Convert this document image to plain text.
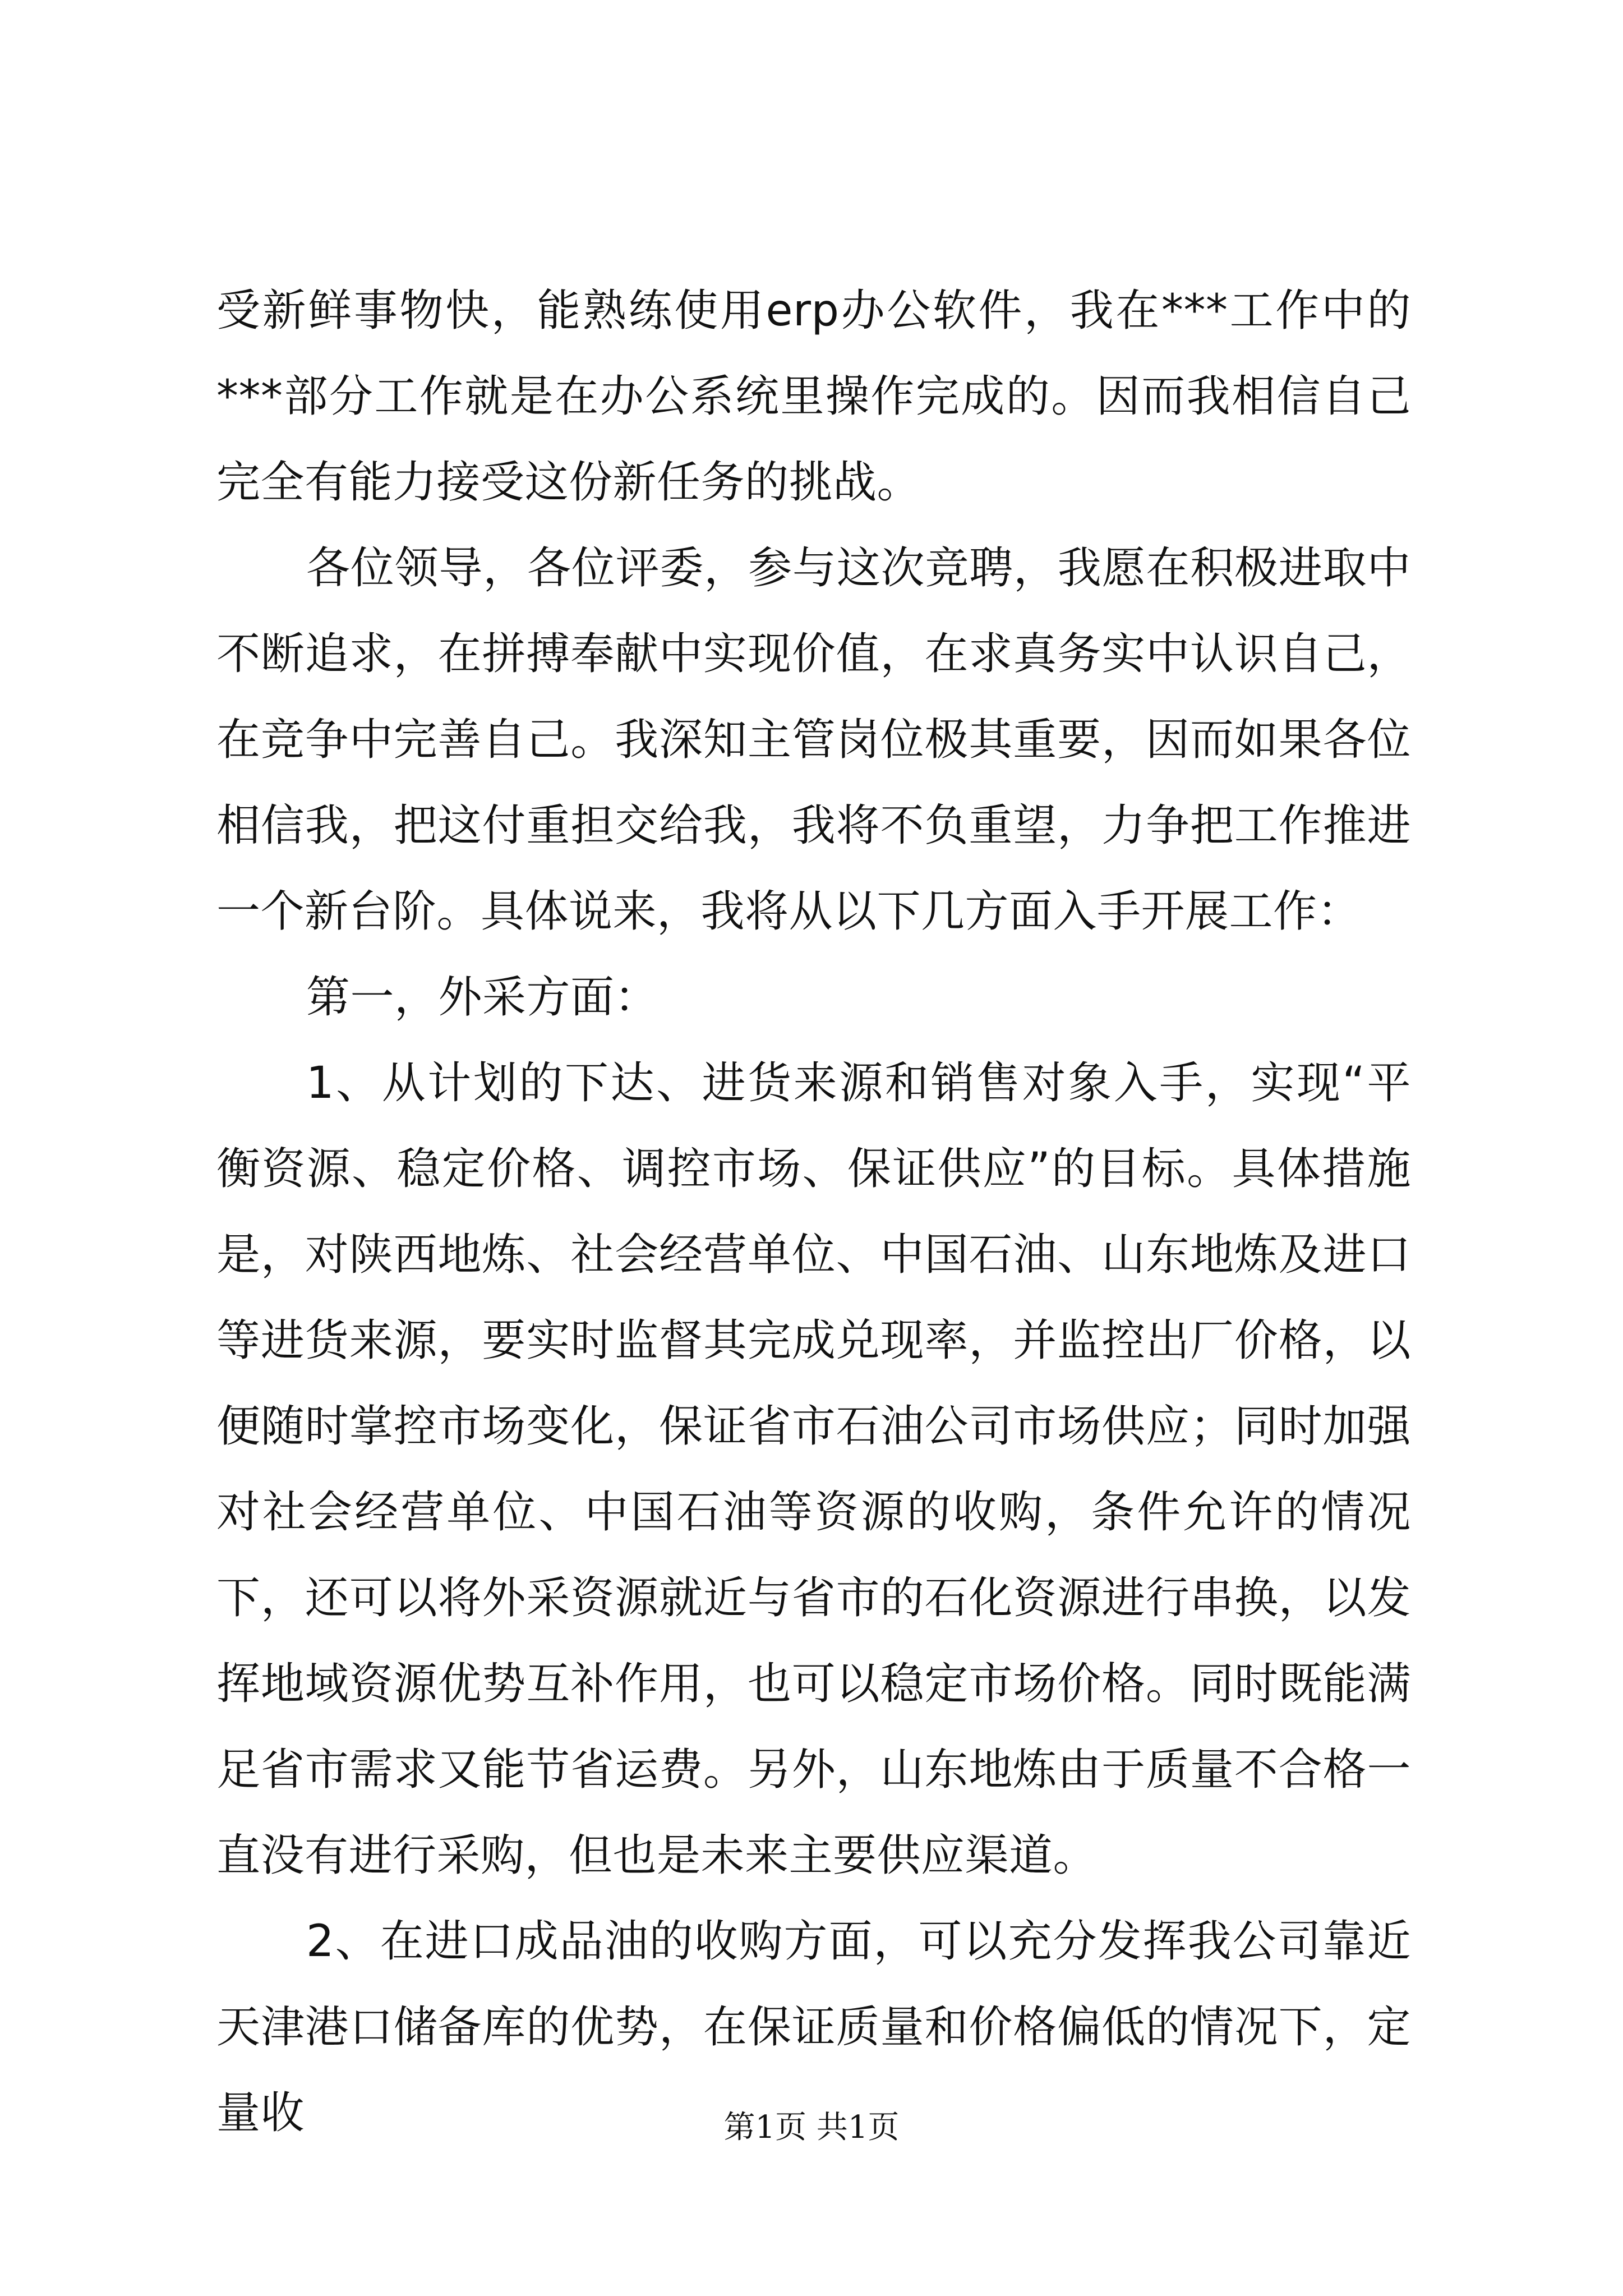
受新鲜事物快，能熟练使用erp办公软件，我在***工作中的***部分工作就是在办公系统里操作完成的。因而我相信自己完全有能力接受这份新任务的挑战。

各位领导，各位评委，参与这次竞聘，我愿在积极进取中不断追求，在拼搏奉献中实现价值，在求真务实中认识自己，在竞争中完善自己。我深知主管岗位极其重要，因而如果各位相信我，把这付重担交给我，我将不负重望，力争把工作推进一个新台阶。具体说来，我将从以下几方面入手开展工作：

第一，外采方面：

1、从计划的下达、进货来源和销售对象入手，实现“平衡资源、稳定价格、调控市场、保证供应”的目标。具体措施是，对陕西地炼、社会经营单位、中国石油、山东地炼及进口等进货来源，要实时监督其完成兑现率，并监控出厂价格，以便随时掌控市场变化，保证省市石油公司市场供应；同时加强对社会经营单位、中国石油等资源的收购，条件允许的情况下，还可以将外采资源就近与省市的石化资源进行串换，以发挥地域资源优势互补作用，也可以稳定市场价格。同时既能满足省市需求又能节省运费。另外，山东地炼由于质量不合格一直没有进行采购，但也是未来主要供应渠道。

2、在进口成品油的收购方面，可以充分发挥我公司靠近天津港口储备库的优势，在保证质量和价格偏低的情况下，定量收	第1页 共1页
